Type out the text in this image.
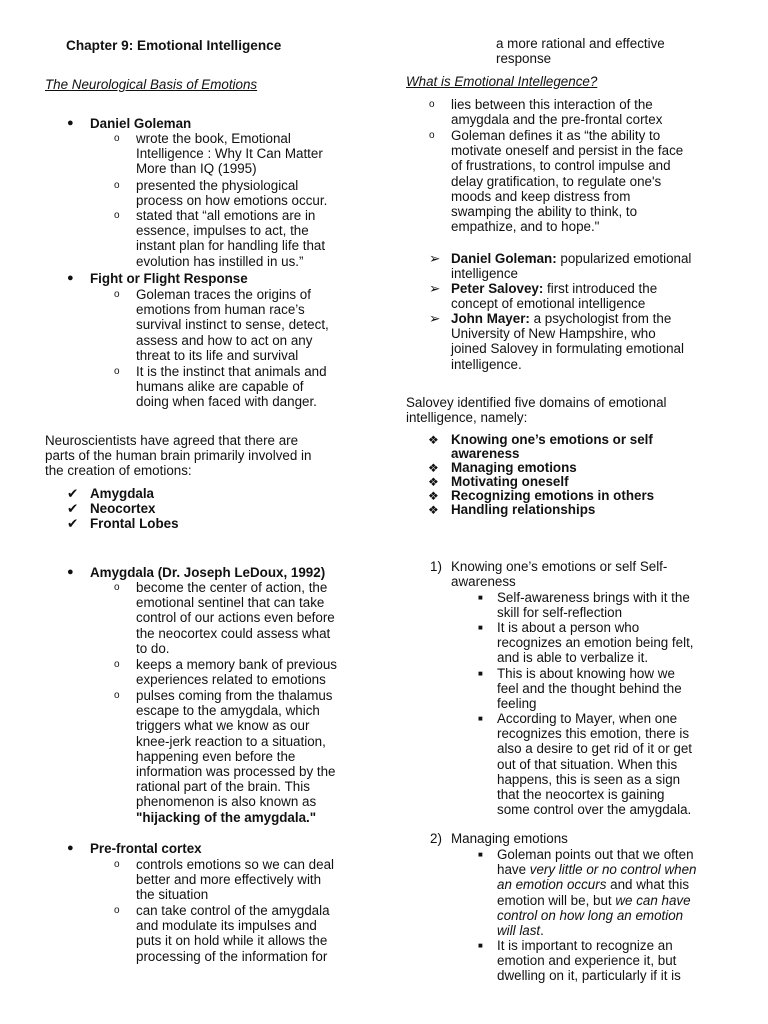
Chapter 9: Emotional Intelligence
The Neurological Basis of Emotions
● Daniel Goleman
o wrote the book, Emotional
Intelligence : Why It Can Matter
More than IQ (1995)
o presented the physiological
process on how emotions occur.
o stated that “all emotions are in
essence, impulses to act, the
instant plan for handling life that
evolution has instilled in us.”
● Fight or Flight Response
o Goleman traces the origins of
emotions from human race’s
survival instinct to sense, detect,
assess and how to act on any
threat to its life and survival
o It is the instinct that animals and
humans alike are capable of
doing when faced with danger.
Neuroscientists have agreed that there are
parts of the human brain primarily involved in
the creation of emotions:
✔ Amygdala
✔ Neocortex
✔ Frontal Lobes
● Amygdala (Dr. Joseph LeDoux, 1992)
o become the center of action, the
emotional sentinel that can take
control of our actions even before
the neocortex could assess what
to do.
o keeps a memory bank of previous
experiences related to emotions
o pulses coming from the thalamus
escape to the amygdala, which
triggers what we know as our
knee-jerk reaction to a situation,
happening even before the
information was processed by the
rational part of the brain. This
phenomenon is also known as
"hijacking of the amygdala."
● Pre-frontal cortex
o controls emotions so we can deal
better and more effectively with
the situation
o can take control of the amygdala
and modulate its impulses and
puts it on hold while it allows the
processing of the information for
a more rational and effective
response
What is Emotional Intellegence?
o lies between this interaction of the
amygdala and the pre-frontal cortex
o Goleman defines it as “the ability to
motivate oneself and persist in the face
of frustrations, to control impulse and
delay gratification, to regulate one's
moods and keep distress from
swamping the ability to think, to
empathize, and to hope."
➢ Daniel Goleman: popularized emotional
intelligence
➢ Peter Salovey: first introduced the
concept of emotional intelligence
➢ John Mayer: a psychologist from the
University of New Hampshire, who
joined Salovey in formulating emotional
intelligence.
Salovey identified five domains of emotional
intelligence, namely:
❖ Knowing one’s emotions or self
awareness
❖ Managing emotions
❖ Motivating oneself
❖ Recognizing emotions in others
❖ Handling relationships
1) Knowing one’s emotions or self Self-
awareness
■ Self-awareness brings with it the
skill for self-reflection
■ It is about a person who
recognizes an emotion being felt,
and is able to verbalize it.
■ This is about knowing how we
feel and the thought behind the
feeling
■ According to Mayer, when one
recognizes this emotion, there is
also a desire to get rid of it or get
out of that situation. When this
happens, this is seen as a sign
that the neocortex is gaining
some control over the amygdala.
2) Managing emotions
■ Goleman points out that we often
have very little or no control when
an emotion occurs and what this
emotion will be, but we can have
control on how long an emotion
will last.
■ It is important to recognize an
emotion and experience it, but
dwelling on it, particularly if it is
